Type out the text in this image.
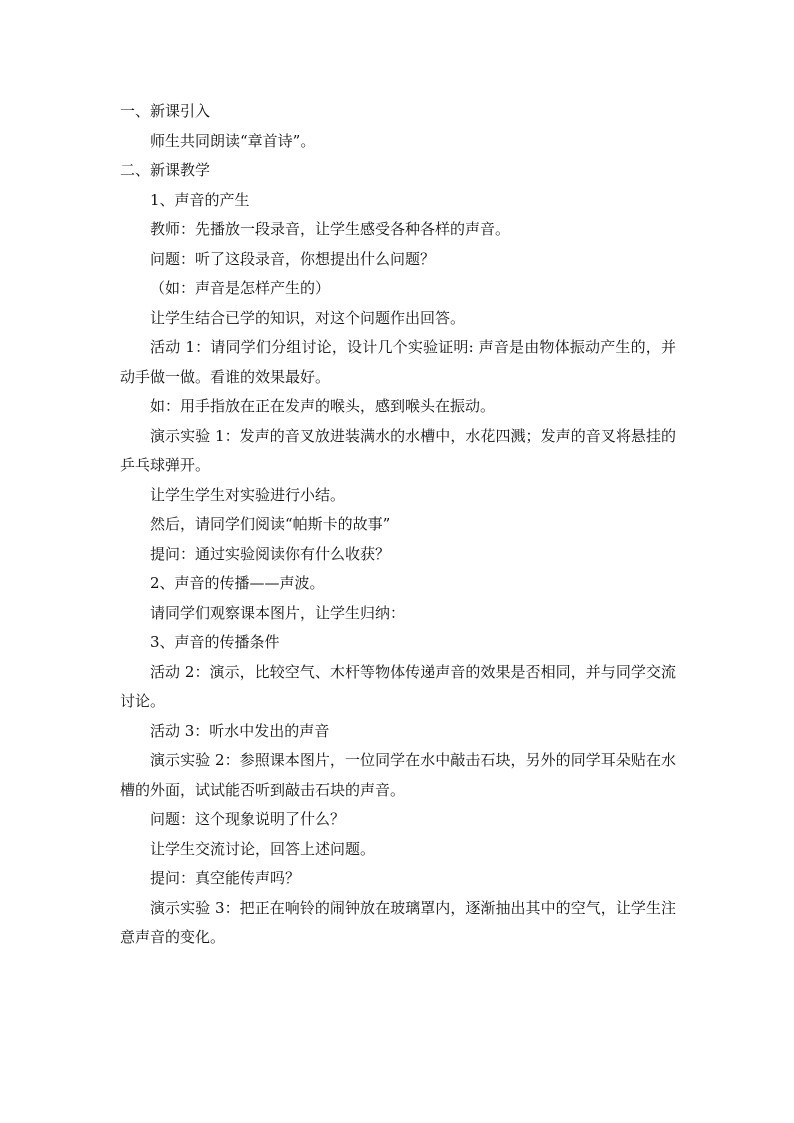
一、新课引入

师生共同朗读“章首诗”。

二、新课教学

1、声音的产生

教师：先播放一段录音，让学生感受各种各样的声音。

问题：听了这段录音，你想提出什么问题？

（如：声音是怎样产生的）

让学生结合已学的知识，对这个问题作出回答。

活动 1：请同学们分组讨论，设计几个实验证明: 声音是由物体振动产生的，并动手做一做。看谁的效果最好。

如：用手指放在正在发声的喉头，感到喉头在振动。

演示实验 1：发声的音叉放进装满水的水槽中，水花四溅；发声的音叉将悬挂的乒乓球弹开。

让学生学生对实验进行小结。

然后，请同学们阅读“帕斯卡的故事”

提问：通过实验阅读你有什么收获？

2、声音的传播——声波。

请同学们观察课本图片，让学生归纳：

3、声音的传播条件

活动 2：演示，比较空气、木杆等物体传递声音的效果是否相同，并与同学交流讨论。

活动 3：听水中发出的声音

演示实验 2：参照课本图片，一位同学在水中敲击石块，另外的同学耳朵贴在水槽的外面，试试能否听到敲击石块的声音。

问题：这个现象说明了什么？

让学生交流讨论，回答上述问题。

提问：真空能传声吗？

演示实验 3：把正在响铃的闹钟放在玻璃罩内，逐渐抽出其中的空气，让学生注意声音的变化。
